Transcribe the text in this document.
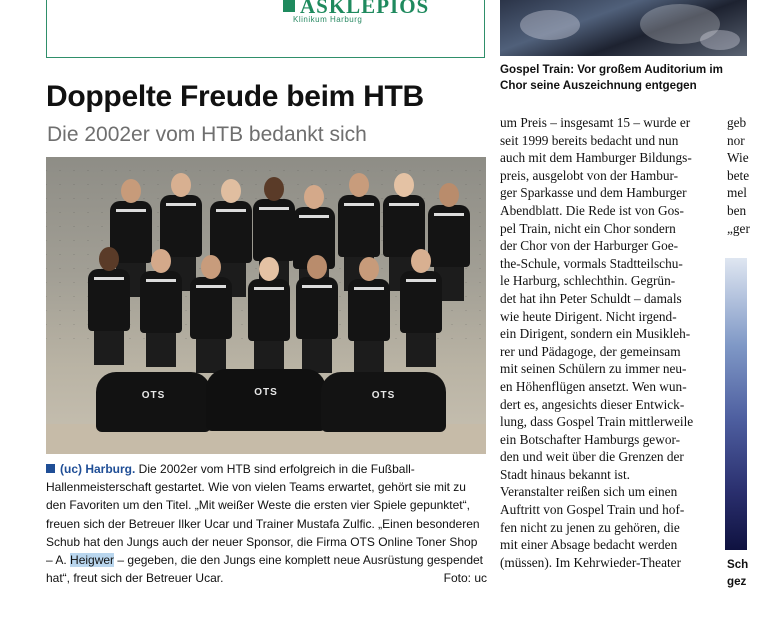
ASKLEPIOS
Klinikum Harburg
Gospel Train: Vor großem Auditorium im
Chor seine Auszeichnung entgegen
Doppelte Freude beim HTB
Die 2002er vom HTB bedankt sich
OTS	OTS	OTS
(uc) Harburg. Die 2002er vom HTB sind erfolgreich in die Fußball-Hallenmeisterschaft gestartet. Wie von vielen Teams erwartet, gehört sie mit zu den Favoriten um den Titel. „Mit weißer Weste die ersten vier Spiele gepunktet“, freuen sich der Betreuer Ilker Ucar und Trainer Mustafa Zulfic. „Einen besonderen Schub hat den Jungs auch der neuer Sponsor, die Firma OTS Online Toner Shop – A. Heigwer – gegeben, die den Jungs eine komplett neue Ausrüstung gespendet hat“, freut sich der Betreuer Ucar.	Foto: uc
um Preis – insgesamt 15 – wurde er
seit 1999 bereits bedacht und nun
auch mit dem Hamburger Bildungs-
preis, ausgelobt von der Hambur-
ger Sparkasse und dem Hamburger
Abendblatt. Die Rede ist von Gos-
pel Train, nicht ein Chor sondern
der Chor von der Harburger Goe-
the-Schule, vormals Stadtteilschu-
le Harburg, schlechthin. Gegrün-
det hat ihn Peter Schuldt – damals
wie heute Dirigent. Nicht irgend-
ein Dirigent, sondern ein Musikleh-
rer und Pädagoge, der gemeinsam
mit seinen Schülern zu immer neu-
en Höhenflügen ansetzt. Wen wun-
dert es, angesichts dieser Entwick-
lung, dass Gospel Train mittlerweile
ein Botschafter Hamburgs gewor-
den und weit über die Grenzen der
Stadt hinaus bekannt ist.
Veranstalter reißen sich um einen
Auftritt von Gospel Train und hof-
fen nicht zu jenen zu gehören, die
mit einer Absage bedacht werden
(müssen). Im Kehrwieder-Theater
geb
nor
Wie
bete
mel
ben
„ger
Sch
gez
